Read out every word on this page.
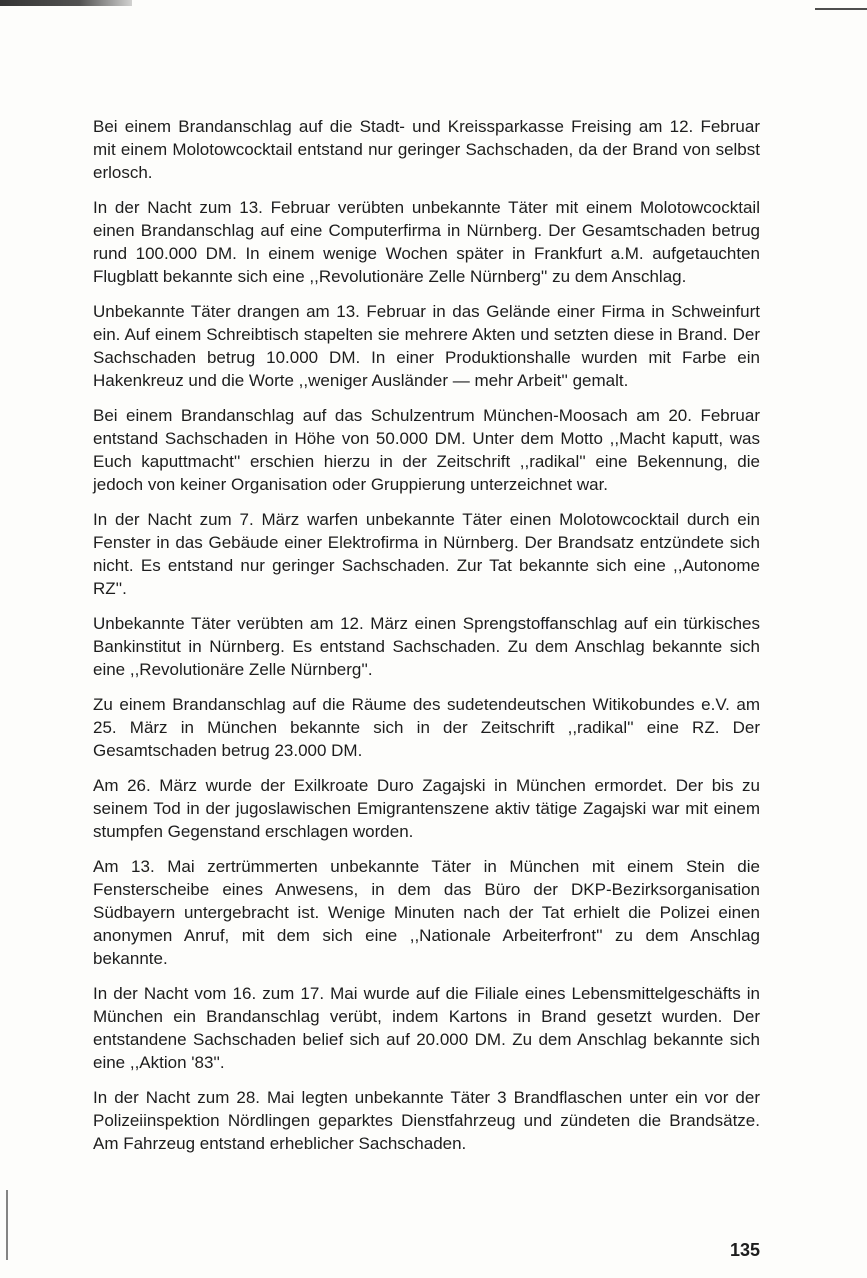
Bei einem Brandanschlag auf die Stadt- und Kreissparkasse Freising am 12. Februar mit einem Molotowcocktail entstand nur geringer Sachschaden, da der Brand von selbst erlosch.

In der Nacht zum 13. Februar verübten unbekannte Täter mit einem Molotowcocktail einen Brandanschlag auf eine Computerfirma in Nürnberg. Der Gesamtschaden betrug rund 100.000 DM. In einem wenige Wochen später in Frankfurt a.M. aufgetauchten Flugblatt bekannte sich eine ,,Revolutionäre Zelle Nürnberg'' zu dem Anschlag.

Unbekannte Täter drangen am 13. Februar in das Gelände einer Firma in Schweinfurt ein. Auf einem Schreibtisch stapelten sie mehrere Akten und setzten diese in Brand. Der Sachschaden betrug 10.000 DM. In einer Produktionshalle wurden mit Farbe ein Hakenkreuz und die Worte ,,weniger Ausländer — mehr Arbeit'' gemalt.

Bei einem Brandanschlag auf das Schulzentrum München-Moosach am 20. Februar entstand Sachschaden in Höhe von 50.000 DM. Unter dem Motto ,,Macht kaputt, was Euch kaputtmacht'' erschien hierzu in der Zeitschrift ,,radikal'' eine Bekennung, die jedoch von keiner Organisation oder Gruppierung unterzeichnet war.

In der Nacht zum 7. März warfen unbekannte Täter einen Molotowcocktail durch ein Fenster in das Gebäude einer Elektrofirma in Nürnberg. Der Brandsatz entzündete sich nicht. Es entstand nur geringer Sachschaden. Zur Tat bekannte sich eine ,,Autonome RZ''.

Unbekannte Täter verübten am 12. März einen Sprengstoffanschlag auf ein türkisches Bankinstitut in Nürnberg. Es entstand Sachschaden. Zu dem Anschlag bekannte sich eine ,,Revolutionäre Zelle Nürnberg''.

Zu einem Brandanschlag auf die Räume des sudetendeutschen Witikobundes e.V. am 25. März in München bekannte sich in der Zeitschrift ,,radikal'' eine RZ. Der Gesamtschaden betrug 23.000 DM.

Am 26. März wurde der Exilkroate Duro Zagajski in München ermordet. Der bis zu seinem Tod in der jugoslawischen Emigrantenszene aktiv tätige Zagajski war mit einem stumpfen Gegenstand erschlagen worden.

Am 13. Mai zertrümmerten unbekannte Täter in München mit einem Stein die Fensterscheibe eines Anwesens, in dem das Büro der DKP-Bezirksorganisation Südbayern untergebracht ist. Wenige Minuten nach der Tat erhielt die Polizei einen anonymen Anruf, mit dem sich eine ,,Nationale Arbeiterfront'' zu dem Anschlag bekannte.

In der Nacht vom 16. zum 17. Mai wurde auf die Filiale eines Lebensmittelgeschäfts in München ein Brandanschlag verübt, indem Kartons in Brand gesetzt wurden. Der entstandene Sachschaden belief sich auf 20.000 DM. Zu dem Anschlag bekannte sich eine ,,Aktion '83''.

In der Nacht zum 28. Mai legten unbekannte Täter 3 Brandflaschen unter ein vor der Polizeiinspektion Nördlingen geparktes Dienstfahrzeug und zündeten die Brandsätze. Am Fahrzeug entstand erheblicher Sachschaden.

135
